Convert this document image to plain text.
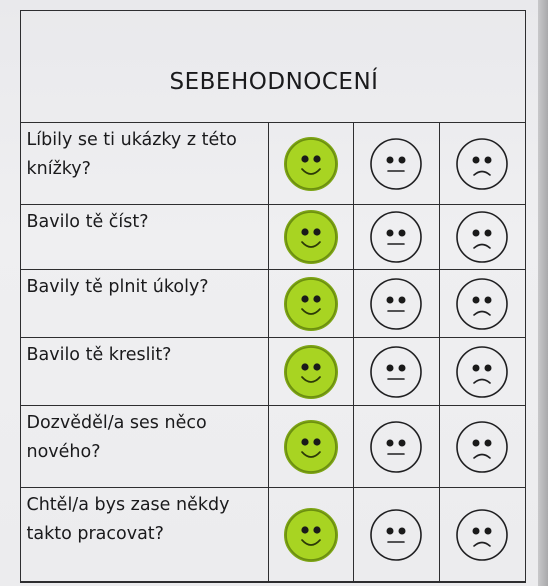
SEBEHODNOCENÍ
Líbily se ti ukázky z této knížky?

Bavilo tě číst?

Bavily tě plnit úkoly?

Bavilo tě kreslit?

Dozvěděl/a ses něco nového?

Chtěl/a bys zase někdy takto pracovat?
